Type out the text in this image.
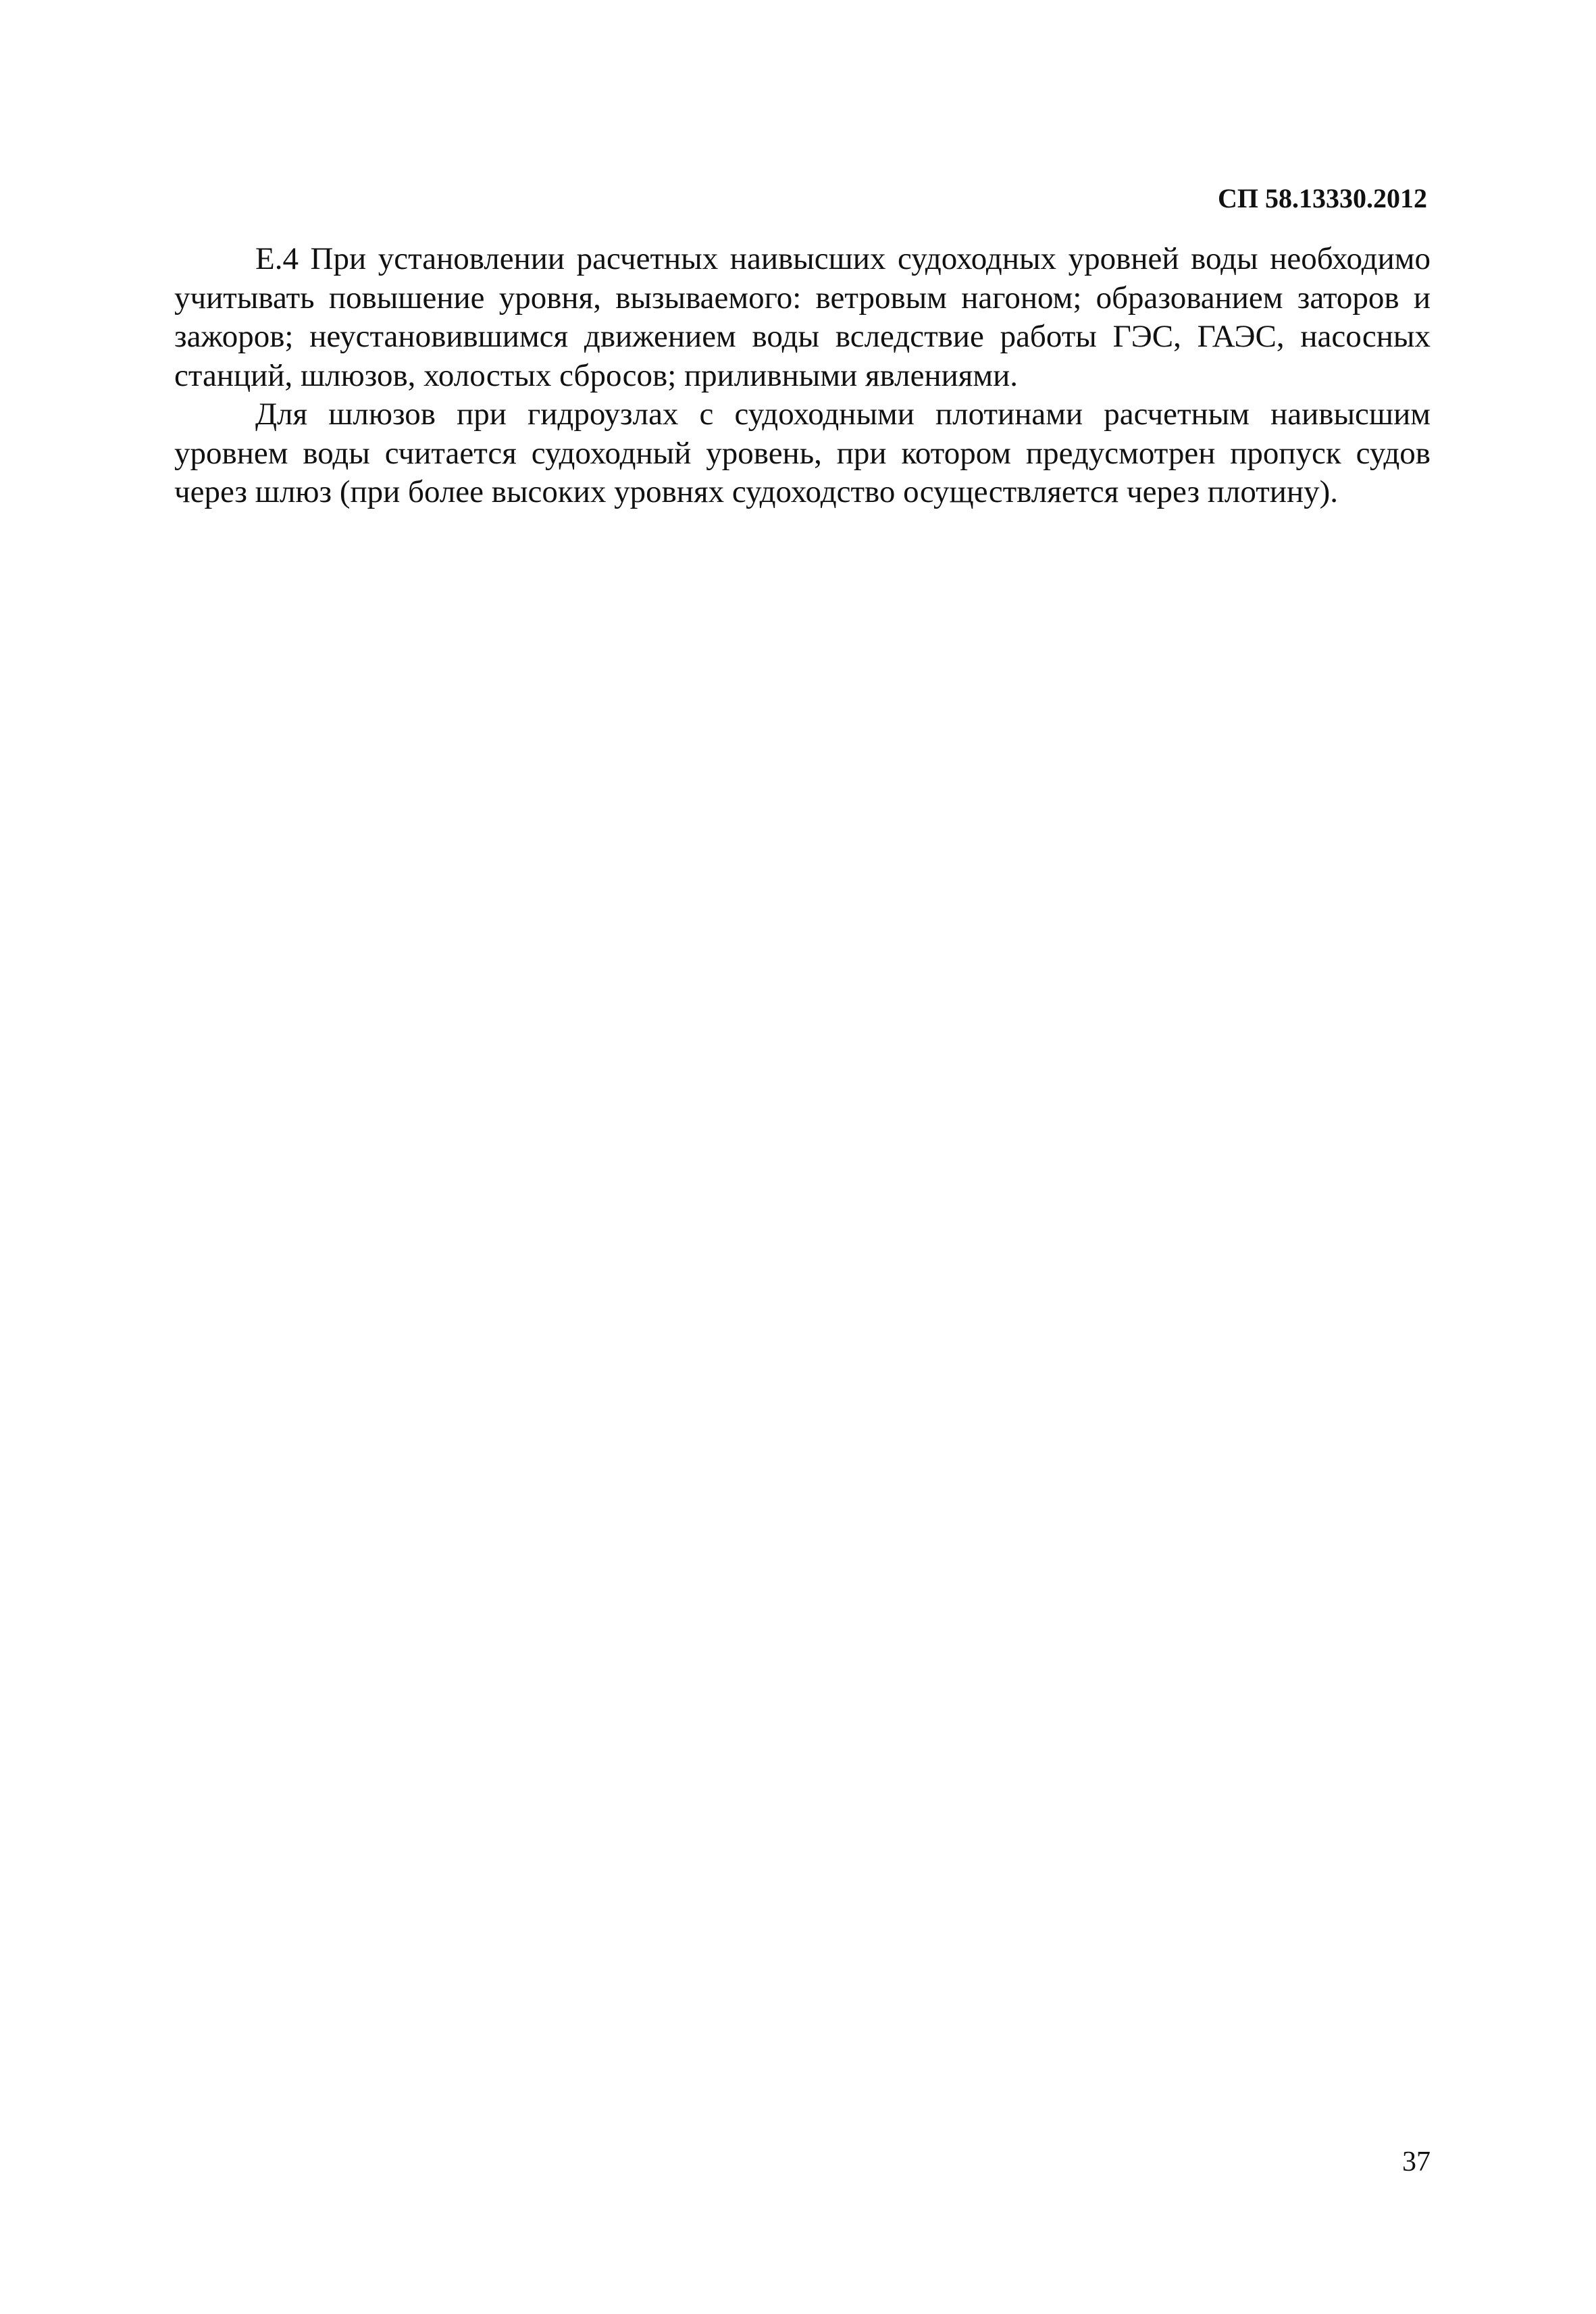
СП 58.13330.2012

Е.4 При установлении расчетных наивысших судоходных уровней воды необходимо учитывать повышение уровня, вызываемого: ветровым нагоном; образованием заторов и зажоров; неустановившимся движением воды вследствие работы ГЭС, ГАЭС, насосных станций, шлюзов, холостых сбросов; приливными явлениями.

Для шлюзов при гидроузлах с судоходными плотинами расчетным наивысшим уровнем воды считается судоходный уровень, при котором предусмотрен пропуск судов через шлюз (при более высоких уровнях судоходство осуществляется через плотину).

37
